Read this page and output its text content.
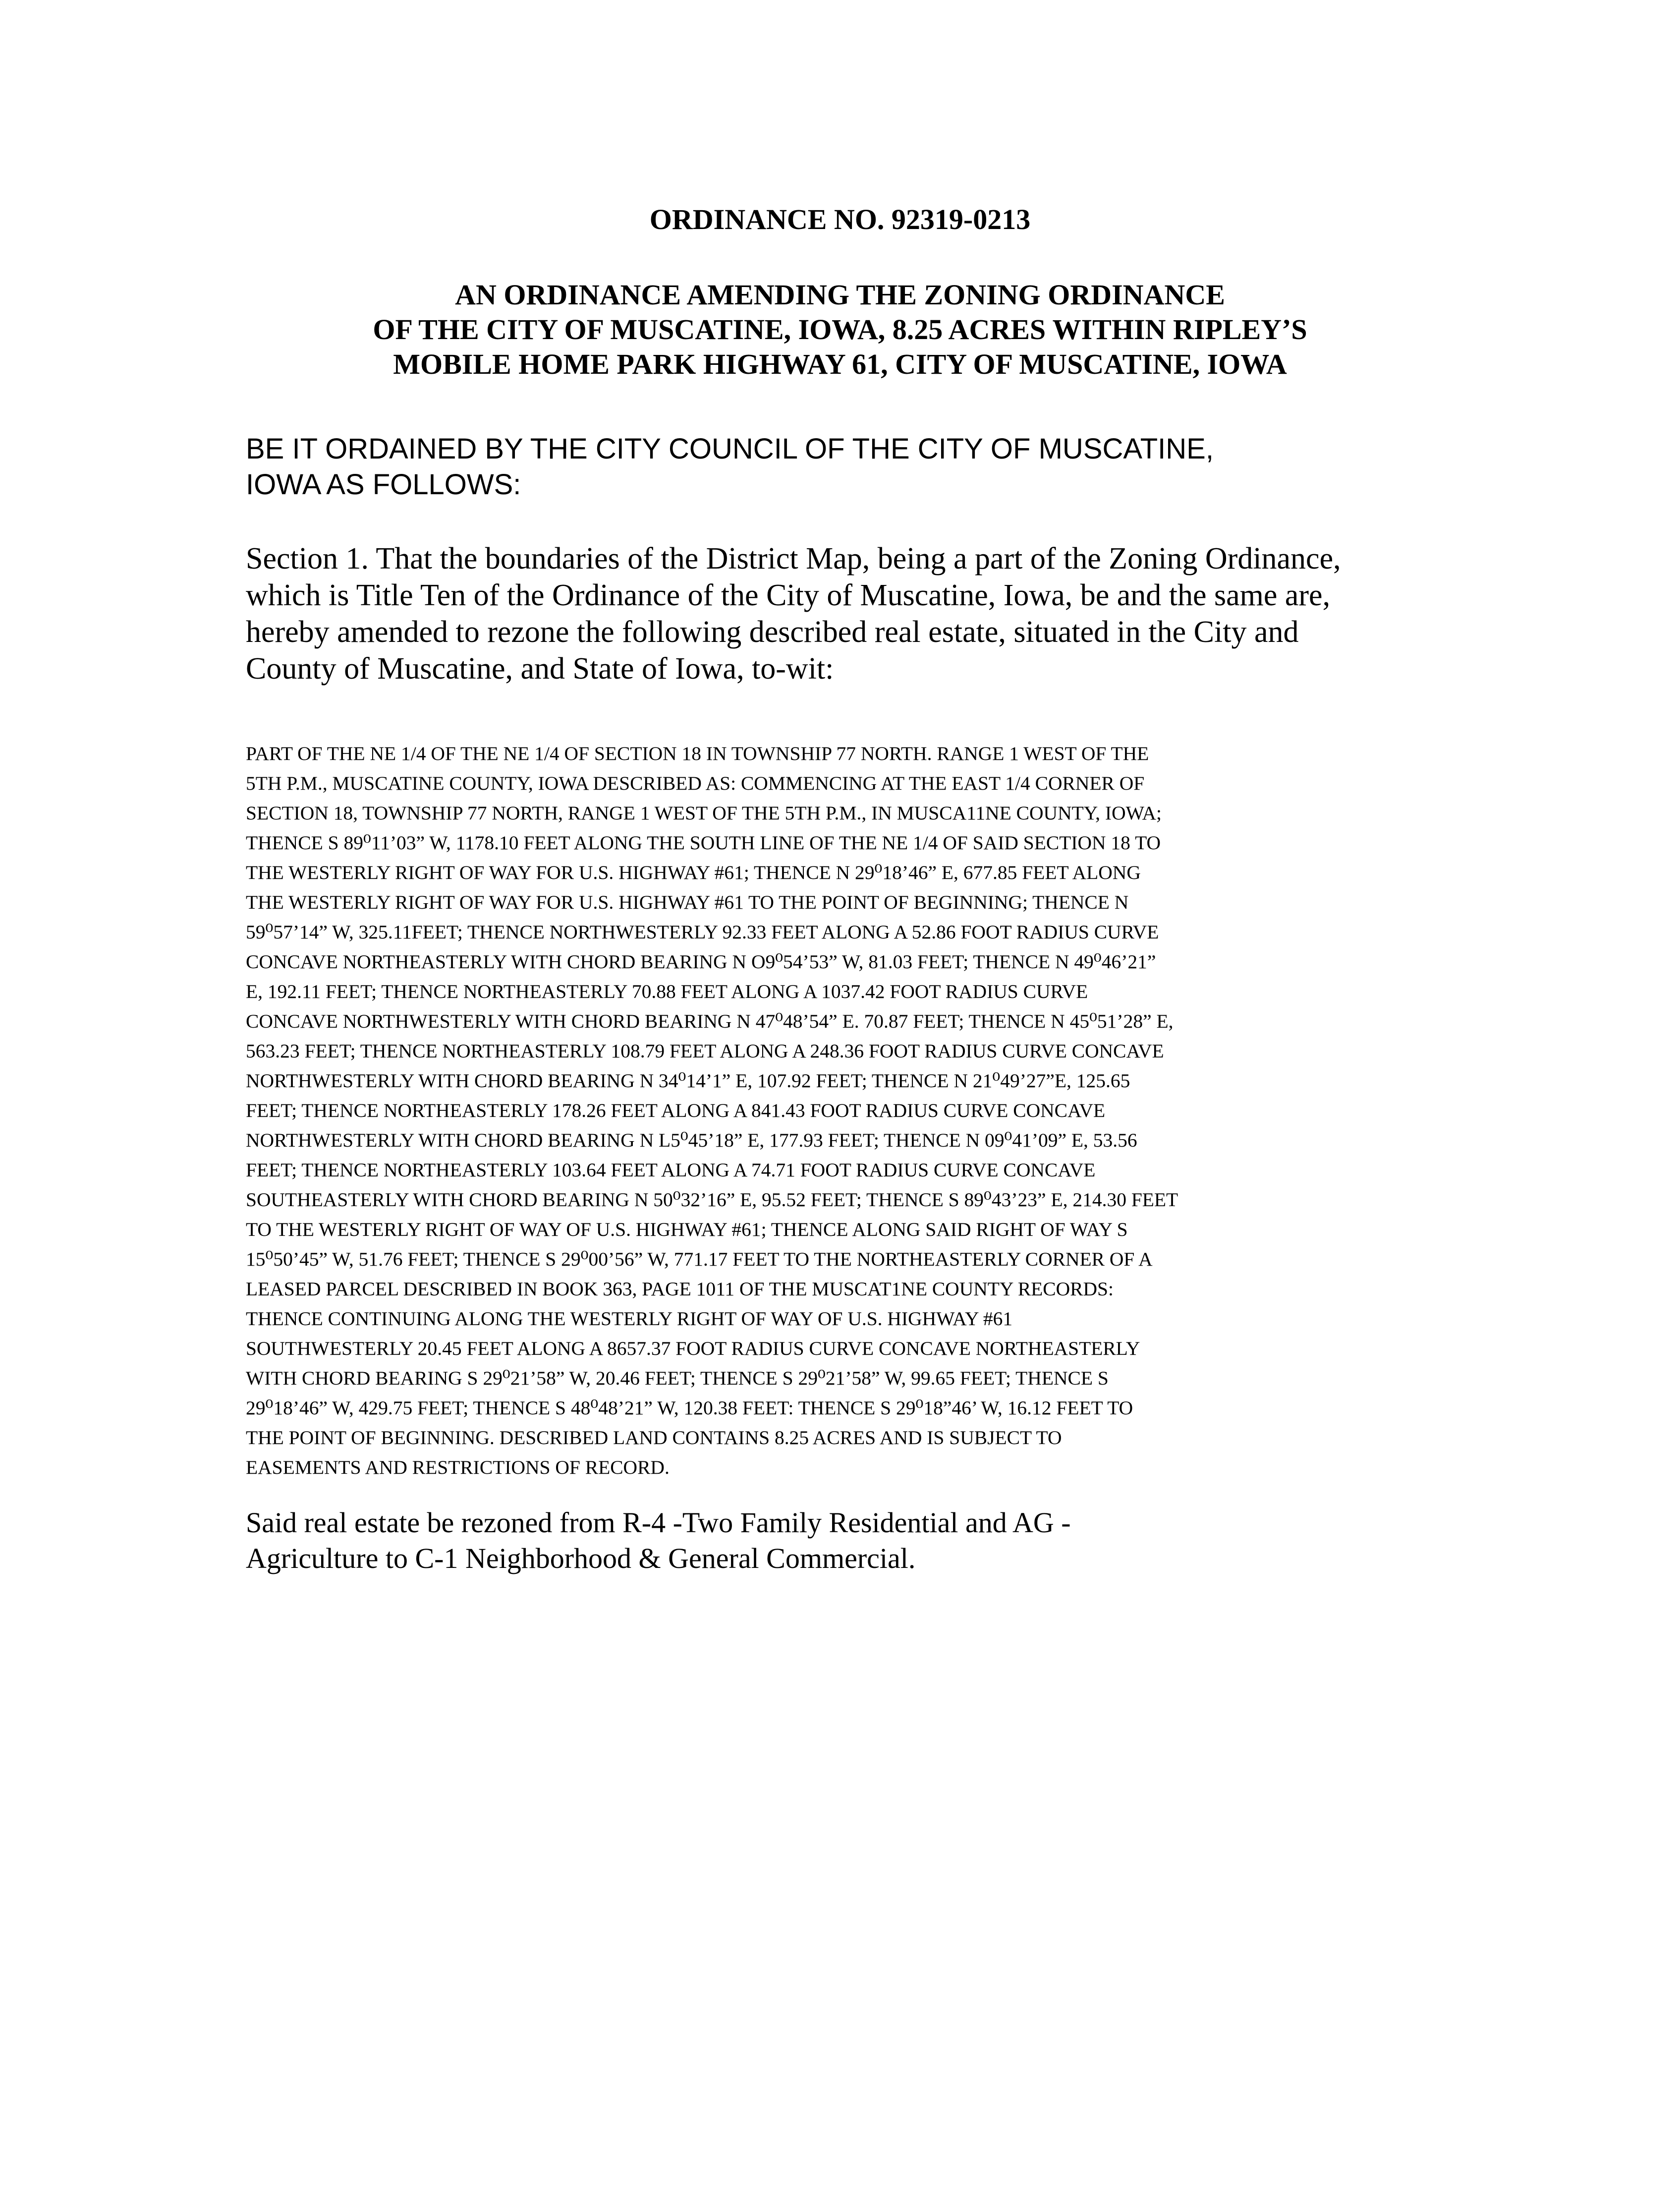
ORDINANCE NO. 92319-0213
AN ORDINANCE AMENDING THE ZONING ORDINANCE
OF THE CITY OF MUSCATINE, IOWA, 8.25 ACRES WITHIN RIPLEY’S
MOBILE HOME PARK HIGHWAY 61, CITY OF MUSCATINE, IOWA

BE IT ORDAINED BY THE CITY COUNCIL OF THE CITY OF MUSCATINE,
IOWA AS FOLLOWS:

Section 1. That the boundaries of the District Map, being a part of the Zoning Ordinance,
which is Title Ten of the Ordinance of the City of Muscatine, Iowa, be and the same are,
hereby amended to rezone the following described real estate, situated in the City and
County of Muscatine, and State of Iowa, to-wit:

PART OF THE NE 1/4 OF THE NE 1/4 OF SECTION 18 IN TOWNSHIP 77 NORTH. RANGE 1 WEST OF THE
5TH P.M., MUSCATINE COUNTY, IOWA DESCRIBED AS: COMMENCING AT THE EAST 1/4 CORNER OF
SECTION 18, TOWNSHIP 77 NORTH, RANGE 1 WEST OF THE 5TH P.M., IN MUSCA11NE COUNTY, IOWA;
THENCE S 89⁰11’03” W, 1178.10 FEET ALONG THE SOUTH LINE OF THE NE 1/4 OF SAID SECTION 18 TO
THE WESTERLY RIGHT OF WAY FOR U.S. HIGHWAY #61; THENCE N 29⁰18’46” E, 677.85 FEET ALONG
THE WESTERLY RIGHT OF WAY FOR U.S. HIGHWAY #61 TO THE POINT OF BEGINNING; THENCE N
59⁰57’14” W, 325.11FEET; THENCE NORTHWESTERLY 92.33 FEET ALONG A 52.86 FOOT RADIUS CURVE
CONCAVE NORTHEASTERLY WITH CHORD BEARING N O9⁰54’53” W, 81.03 FEET; THENCE N 49⁰46’21”
E, 192.11 FEET; THENCE NORTHEASTERLY 70.88 FEET ALONG A 1037.42 FOOT RADIUS CURVE
CONCAVE NORTHWESTERLY WITH CHORD BEARING N 47⁰48’54” E. 70.87 FEET; THENCE N 45⁰51’28” E,
563.23 FEET; THENCE NORTHEASTERLY 108.79 FEET ALONG A 248.36 FOOT RADIUS CURVE CONCAVE
NORTHWESTERLY WITH CHORD BEARING N 34⁰14’1” E, 107.92 FEET; THENCE N 21⁰49’27”E, 125.65
FEET; THENCE NORTHEASTERLY 178.26 FEET ALONG A 841.43 FOOT RADIUS CURVE CONCAVE
NORTHWESTERLY WITH CHORD BEARING N L5⁰45’18” E, 177.93 FEET; THENCE N 09⁰41’09” E, 53.56
FEET; THENCE NORTHEASTERLY 103.64 FEET ALONG A 74.71 FOOT RADIUS CURVE CONCAVE
SOUTHEASTERLY WITH CHORD BEARING N 50⁰32’16” E, 95.52 FEET; THENCE S 89⁰43’23” E, 214.30 FEET
TO THE WESTERLY RIGHT OF WAY OF U.S. HIGHWAY #61; THENCE ALONG SAID RIGHT OF WAY S
15⁰50’45” W, 51.76 FEET; THENCE S 29⁰00’56” W, 771.17 FEET TO THE NORTHEASTERLY CORNER OF A
LEASED PARCEL DESCRIBED IN BOOK 363, PAGE 1011 OF THE MUSCAT1NE COUNTY RECORDS:
THENCE CONTINUING ALONG THE WESTERLY RIGHT OF WAY OF U.S. HIGHWAY #61
SOUTHWESTERLY 20.45 FEET ALONG A 8657.37 FOOT RADIUS CURVE CONCAVE NORTHEASTERLY
WITH CHORD BEARING S 29⁰21’58” W, 20.46 FEET; THENCE S 29⁰21’58” W, 99.65 FEET; THENCE S
29⁰18’46” W, 429.75 FEET; THENCE S 48⁰48’21” W, 120.38 FEET: THENCE S 29⁰18”46’ W, 16.12 FEET TO
THE POINT OF BEGINNING. DESCRIBED LAND CONTAINS 8.25 ACRES AND IS SUBJECT TO
EASEMENTS AND RESTRICTIONS OF RECORD.

Said real estate be rezoned from R-4 -Two Family Residential and AG -
Agriculture to C-1 Neighborhood & General Commercial.
